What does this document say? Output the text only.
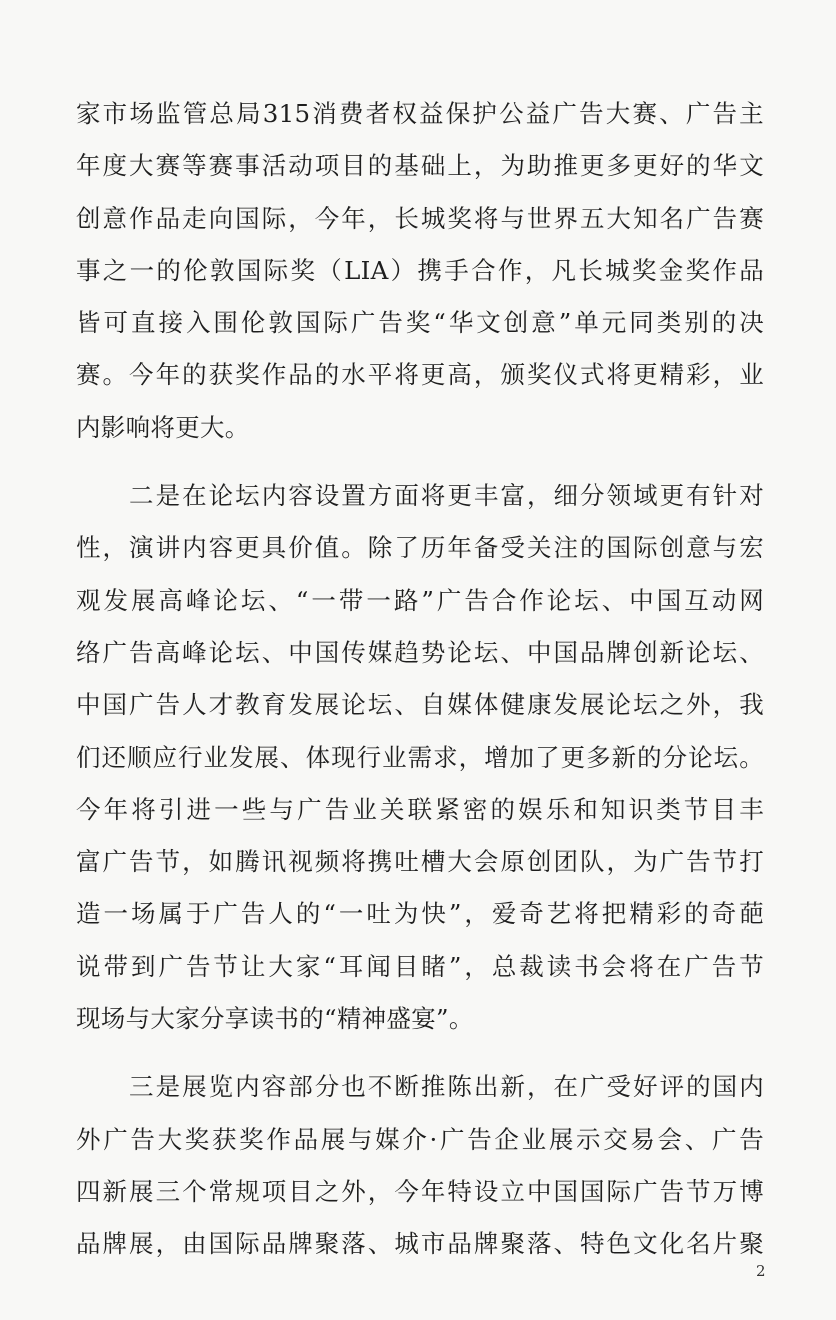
家市场监管总局315消费者权益保护公益广告大赛、广告主
年度大赛等赛事活动项目的基础上，为助推更多更好的华文
创意作品走向国际，今年，长城奖将与世界五大知名广告赛
事之一的伦敦国际奖（LIA）携手合作，凡长城奖金奖作品
皆可直接入围伦敦国际广告奖“华文创意”单元同类别的决
赛。今年的获奖作品的水平将更高，颁奖仪式将更精彩，业
内影响将更大。
　　二是在论坛内容设置方面将更丰富，细分领域更有针对
性，演讲内容更具价值。除了历年备受关注的国际创意与宏
观发展高峰论坛、“一带一路”广告合作论坛、中国互动网
络广告高峰论坛、中国传媒趋势论坛、中国品牌创新论坛、
中国广告人才教育发展论坛、自媒体健康发展论坛之外，我
们还顺应行业发展、体现行业需求，增加了更多新的分论坛。
今年将引进一些与广告业关联紧密的娱乐和知识类节目丰
富广告节，如腾讯视频将携吐槽大会原创团队，为广告节打
造一场属于广告人的“一吐为快”，爱奇艺将把精彩的奇葩
说带到广告节让大家“耳闻目睹”，总裁读书会将在广告节
现场与大家分享读书的“精神盛宴”。
　　三是展览内容部分也不断推陈出新，在广受好评的国内
外广告大奖获奖作品展与媒介·广告企业展示交易会、广告
四新展三个常规项目之外，今年特设立中国国际广告节万博
品牌展，由国际品牌聚落、城市品牌聚落、特色文化名片聚
2
